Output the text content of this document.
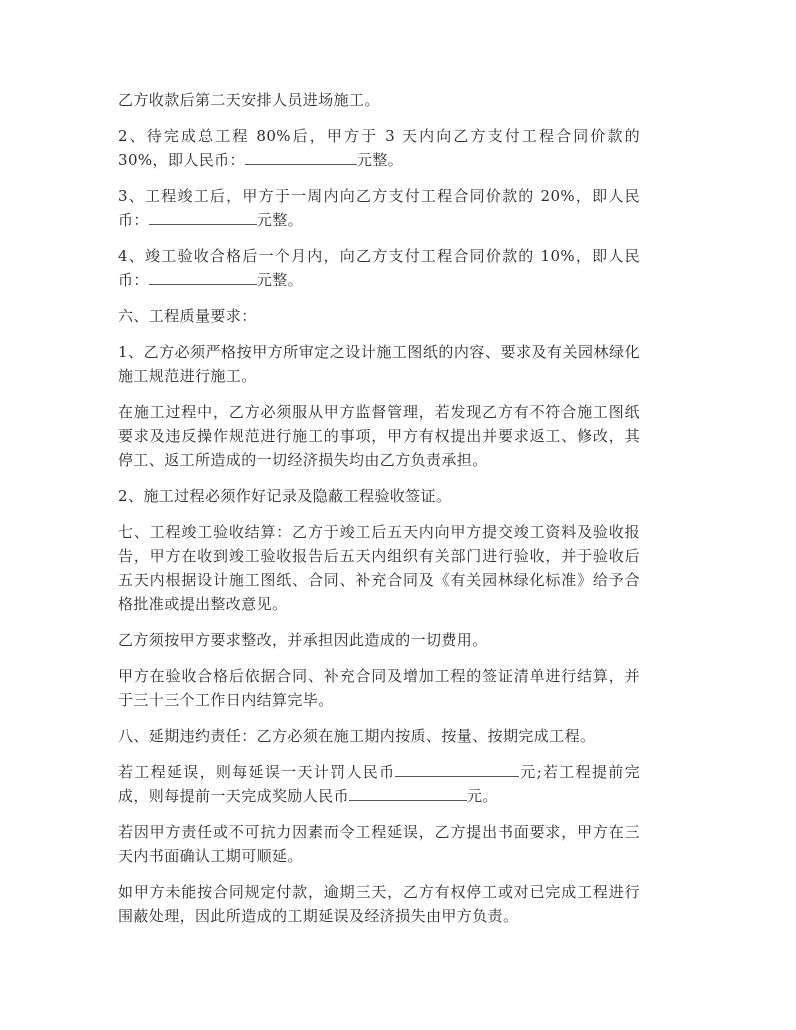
乙方收款后第二天安排人员进场施工。

2、待完成总工程 80%后，甲方于 3 天内向乙方支付工程合同价款的 30%，即人民币：	元整。

3、工程竣工后，甲方于一周内向乙方支付工程合同价款的 20%，即人民币：	元整。

4、竣工验收合格后一个月内，向乙方支付工程合同价款的 10%，即人民币：	元整。

六、工程质量要求：

1、乙方必须严格按甲方所审定之设计施工图纸的内容、要求及有关园林绿化施工规范进行施工。

在施工过程中，乙方必须服从甲方监督管理，若发现乙方有不符合施工图纸要求及违反操作规范进行施工的事项，甲方有权提出并要求返工、修改，其停工、返工所造成的一切经济损失均由乙方负责承担。

2、施工过程必须作好记录及隐蔽工程验收签证。

七、工程竣工验收结算：乙方于竣工后五天内向甲方提交竣工资料及验收报告，甲方在收到竣工验收报告后五天内组织有关部门进行验收，并于验收后五天内根据设计施工图纸、合同、补充合同及《有关园林绿化标准》给予合格批准或提出整改意见。

乙方须按甲方要求整改，并承担因此造成的一切费用。

甲方在验收合格后依据合同、补充合同及增加工程的签证清单进行结算，并于三十三个工作日内结算完毕。

八、延期违约责任：乙方必须在施工期内按质、按量、按期完成工程。

若工程延误，则每延误一天计罚人民币	元;若工程提前完成，则每提前一天完成奖励人民币	元。

若因甲方责任或不可抗力因素而令工程延误，乙方提出书面要求，甲方在三天内书面确认工期可顺延。

如甲方未能按合同规定付款，逾期三天，乙方有权停工或对已完成工程进行围蔽处理，因此所造成的工期延误及经济损失由甲方负责。
